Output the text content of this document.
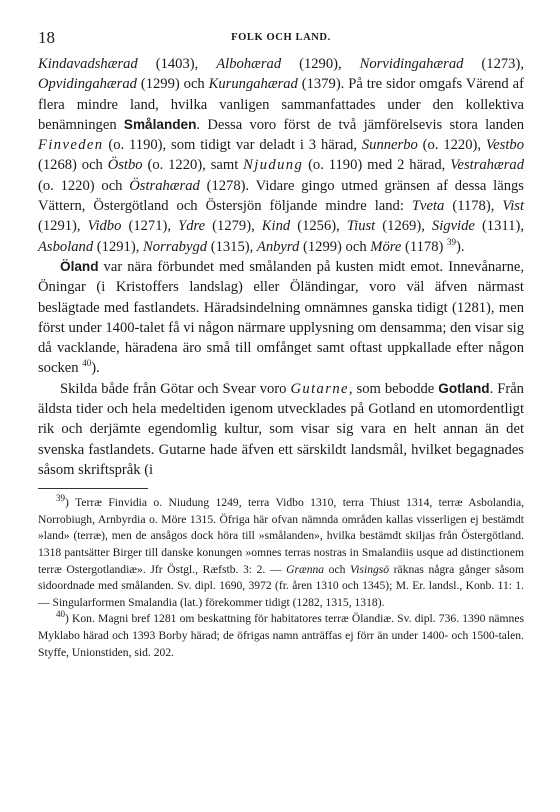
18	FOLK OCH LAND.

Kindavadshærad (1403), Albohærad (1290), Norvidingahærad (1273), Opvidingahærad (1299) och Kurungahærad (1379). På tre sidor omgafs Värend af flera mindre land, hvilka vanligen sammanfattades under den kollektiva benämningen Smålanden. Dessa voro först de två jämförelsevis stora landen Finveden (o. 1190), som tidigt var deladt i 3 härad, Sunnerbo (o. 1220), Vestbo (1268) och Östbo (o. 1220), samt Njudung (o. 1190) med 2 härad, Vestrahærad (o. 1220) och Östrahærad (1278). Vidare gingo utmed gränsen af dessa längs Vättern, Östergötland och Östersjön följande mindre land: Tveta (1178), Vist (1291), Vidbo (1271), Ydre (1279), Kind (1256), Tiust (1269), Sigvide (1311), Asboland (1291), Norrabygd (1315), Anbyrd (1299) och Möre (1178) $^{39}$).

Öland var nära förbundet med smålanden på kusten midt emot. Innevånarne, Öningar (i Kristoffers landslag) eller Öländingar, voro väl äfven närmast beslägtade med fastlandets. Häradsindelning omnämnes ganska tidigt (1281), men först under 1400-talet få vi någon närmare upplysning om densamma; den visar sig då vacklande, häradena äro små till omfånget samt oftast uppkallade efter någon socken $^{40}$).

Skilda både från Götar och Svear voro Gutarne, som bebodde Gotland. Från äldsta tider och hela medeltiden igenom utvecklades på Gotland en utomordentligt rik och derjämte egendomlig kultur, som visar sig vara en helt annan än det svenska fastlandets. Gutarne hade äfven ett särskildt landsmål, hvilket begagnades såsom skriftspråk (i

$^{39}$) Terræ Finvidia o. Niudung 1249, terra Vidbo 1310, terra Thiust 1314, terræ Asbolandia, Norrobiugh, Arnbyrdia o. Möre 1315. Öfriga här ofvan nämnda områden kallas visserligen ej bestämdt »land» (terræ), men de ansågos dock höra till »smålanden», hvilka bestämdt skiljas från Östergötland. 1318 pantsätter Birger till danske konungen »omnes terras nostras in Smalandiis usque ad distinctionem terræ Ostergotlandiæ». Jfr Östgl., Ræfstb. 3: 2. — Grænna och Visingsö räknas några gånger såsom sidoordnade med smålanden. Sv. dipl. 1690, 3972 (fr. åren 1310 och 1345); M. Er. landsl., Konb. 11: 1. — Singularformen Smalandia (lat.) förekommer tidigt (1282, 1315, 1318).

$^{40}$) Kon. Magni bref 1281 om beskattning för habitatores terræ Ölandiæ. Sv. dipl. 736. 1390 nämnes Myklabo härad och 1393 Borby härad; de öfrigas namn anträffas ej förr än under 1400- och 1500-talen. Styffe, Unionstiden, sid. 202.
